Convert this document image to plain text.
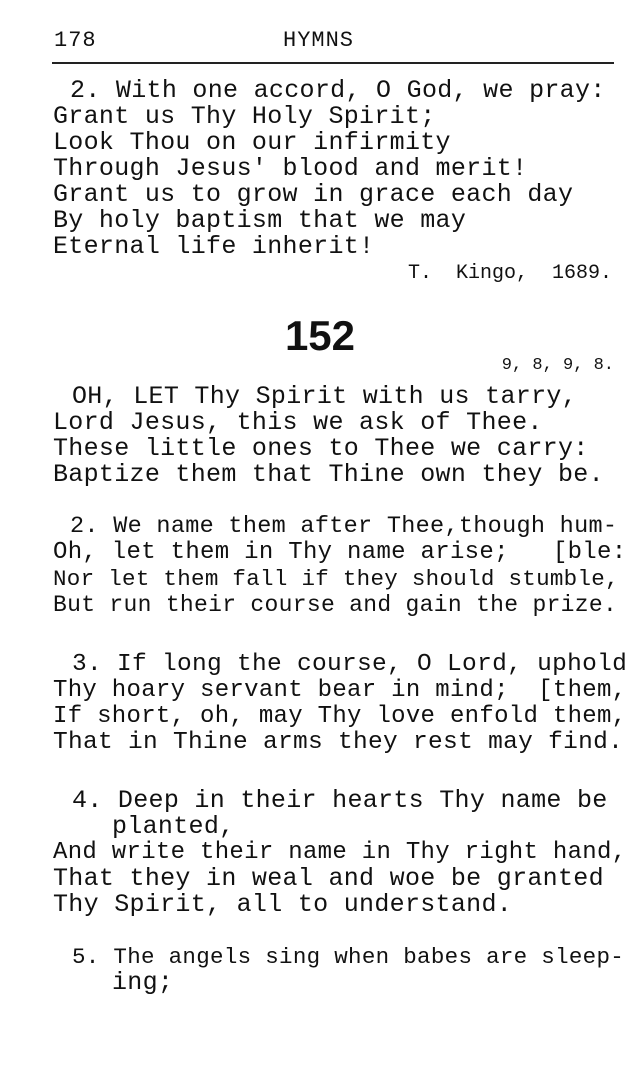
178	HYMNS
2. With one accord, O God, we pray:
Grant us Thy Holy Spirit;
Look Thou on our infirmity
Through Jesus' blood and merit!
Grant us to grow in grace each day
By holy baptism that we may
Eternal life inherit!
T.  Kingo,  1689.
152
9, 8, 9, 8.
OH, LET Thy Spirit with us tarry,
Lord Jesus, this we ask of Thee.
These little ones to Thee we carry:
Baptize them that Thine own they be.
2. We name them after Thee,though hum-
Oh, let them in Thy name arise;   [ble:
Nor let them fall if they should stumble,
But run their course and gain the prize.
3. If long the course, O Lord, uphold
Thy hoary servant bear in mind;  [them,
If short, oh, may Thy love enfold them,
That in Thine arms they rest may find.
4. Deep in their hearts Thy name be
planted,
And write their name in Thy right hand,
That they in weal and woe be granted
Thy Spirit, all to understand.
5. The angels sing when babes are sleep-
ing;
